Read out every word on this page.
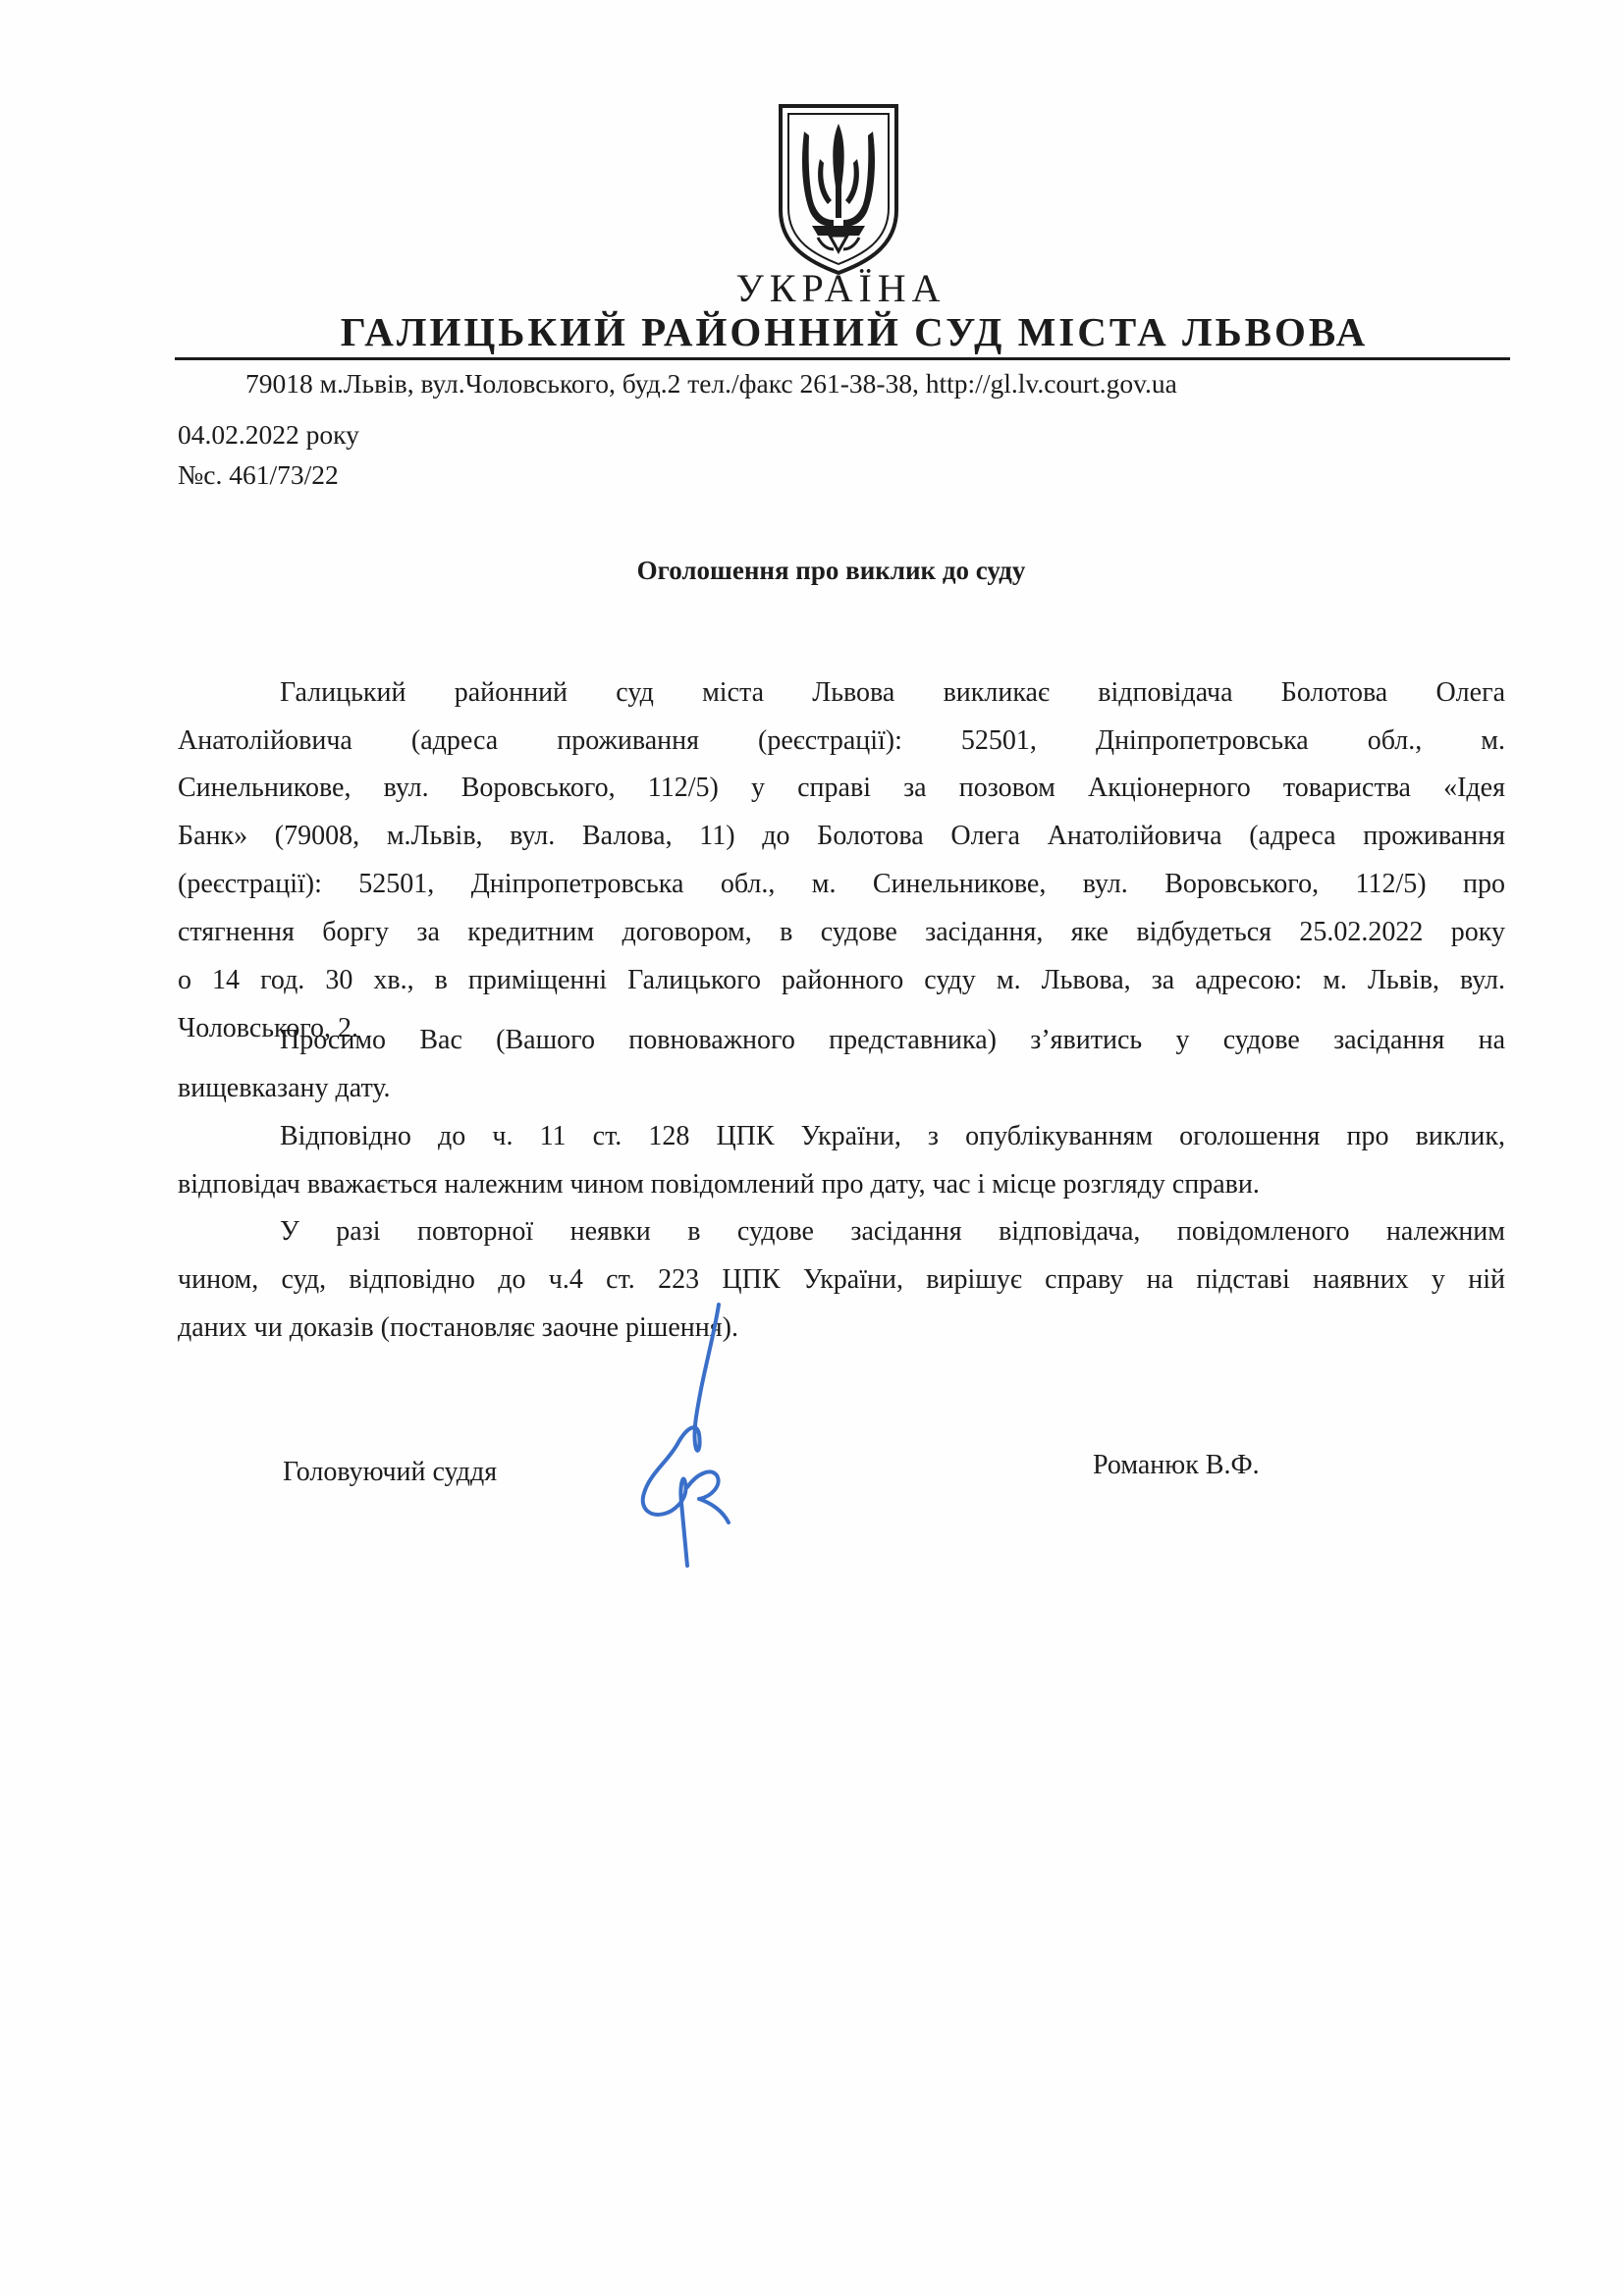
УКРАЇНА
ГАЛИЦЬКИЙ РАЙОННИЙ СУД МІСТА ЛЬВОВА
79018 м.Львів, вул.Чоловського, буд.2 тел./факс 261-38-38, http://gl.lv.court.gov.ua
04.02.2022 року
№с. 461/73/22
Оголошення про виклик до суду
Галицький районний суд міста Львова викликає відповідача Болотова Олега
Анатолійовича (адреса проживання (реєстрації): 52501, Дніпропетровська обл., м.
Синельникове, вул. Воровського, 112/5) у справі за позовом Акціонерного товариства «Ідея
Банк» (79008, м.Львів, вул. Валова, 11) до Болотова Олега Анатолійовича (адреса проживання
(реєстрації): 52501, Дніпропетровська обл., м. Синельникове, вул. Воровського, 112/5) про
стягнення боргу за кредитним договором, в судове засідання, яке відбудеться 25.02.2022 року
о 14 год. 30 хв., в приміщенні Галицького районного суду м. Львова, за адресою: м. Львів, вул.
Чоловського, 2.
Просимо Вас (Вашого повноважного представника) з’явитись у судове засідання на
вищевказану дату.
Відповідно до ч. 11 ст. 128 ЦПК України, з опублікуванням оголошення про виклик,
відповідач вважається належним чином повідомлений про дату, час і місце розгляду справи.
У разі повторної неявки в судове засідання відповідача, повідомленого належним
чином, суд, відповідно до ч.4 ст. 223 ЦПК України, вирішує справу на підставі наявних у ній
даних чи доказів (постановляє заочне рішення).
Головуючий суддя	Романюк В.Ф.
